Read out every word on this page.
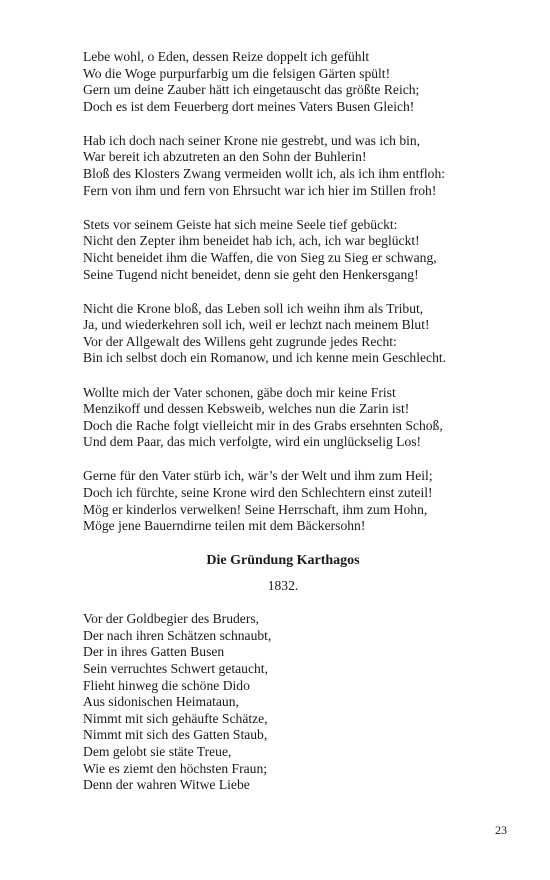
Lebe wohl, o Eden, dessen Reize doppelt ich gefühlt
Wo die Woge purpurfarbig um die felsigen Gärten spült!
Gern um deine Zauber hätt ich eingetauscht das größte Reich;
Doch es ist dem Feuerberg dort meines Vaters Busen Gleich!
Hab ich doch nach seiner Krone nie gestrebt, und was ich bin,
War bereit ich abzutreten an den Sohn der Buhlerin!
Bloß des Klosters Zwang vermeiden wollt ich, als ich ihm entfloh:
Fern von ihm und fern von Ehrsucht war ich hier im Stillen froh!
Stets vor seinem Geiste hat sich meine Seele tief gebückt:
Nicht den Zepter ihm beneidet hab ich, ach, ich war beglückt!
Nicht beneidet ihm die Waffen, die von Sieg zu Sieg er schwang,
Seine Tugend nicht beneidet, denn sie geht den Henkersgang!
Nicht die Krone bloß, das Leben soll ich weihn ihm als Tribut,
Ja, und wiederkehren soll ich, weil er lechzt nach meinem Blut!
Vor der Allgewalt des Willens geht zugrunde jedes Recht:
Bin ich selbst doch ein Romanow, und ich kenne mein Geschlecht.
Wollte mich der Vater schonen, gäbe doch mir keine Frist
Menzikoff und dessen Kebsweib, welches nun die Zarin ist!
Doch die Rache folgt vielleicht mir in des Grabs ersehnten Schoß,
Und dem Paar, das mich verfolgte, wird ein unglückselig Los!
Gerne für den Vater stürb ich, wär’s der Welt und ihm zum Heil;
Doch ich fürchte, seine Krone wird den Schlechtern einst zuteil!
Mög er kinderlos verwelken! Seine Herrschaft, ihm zum Hohn,
Möge jene Bauerndirne teilen mit dem Bäckersohn!
Die Gründung Karthagos
1832.
Vor der Goldbegier des Bruders,
Der nach ihren Schätzen schnaubt,
Der in ihres Gatten Busen
Sein verruchtes Schwert getaucht,
Flieht hinweg die schöne Dido
Aus sidonischen Heimataun,
Nimmt mit sich gehäufte Schätze,
Nimmt mit sich des Gatten Staub,
Dem gelobt sie stäte Treue,
Wie es ziemt den höchsten Fraun;
Denn der wahren Witwe Liebe
23
